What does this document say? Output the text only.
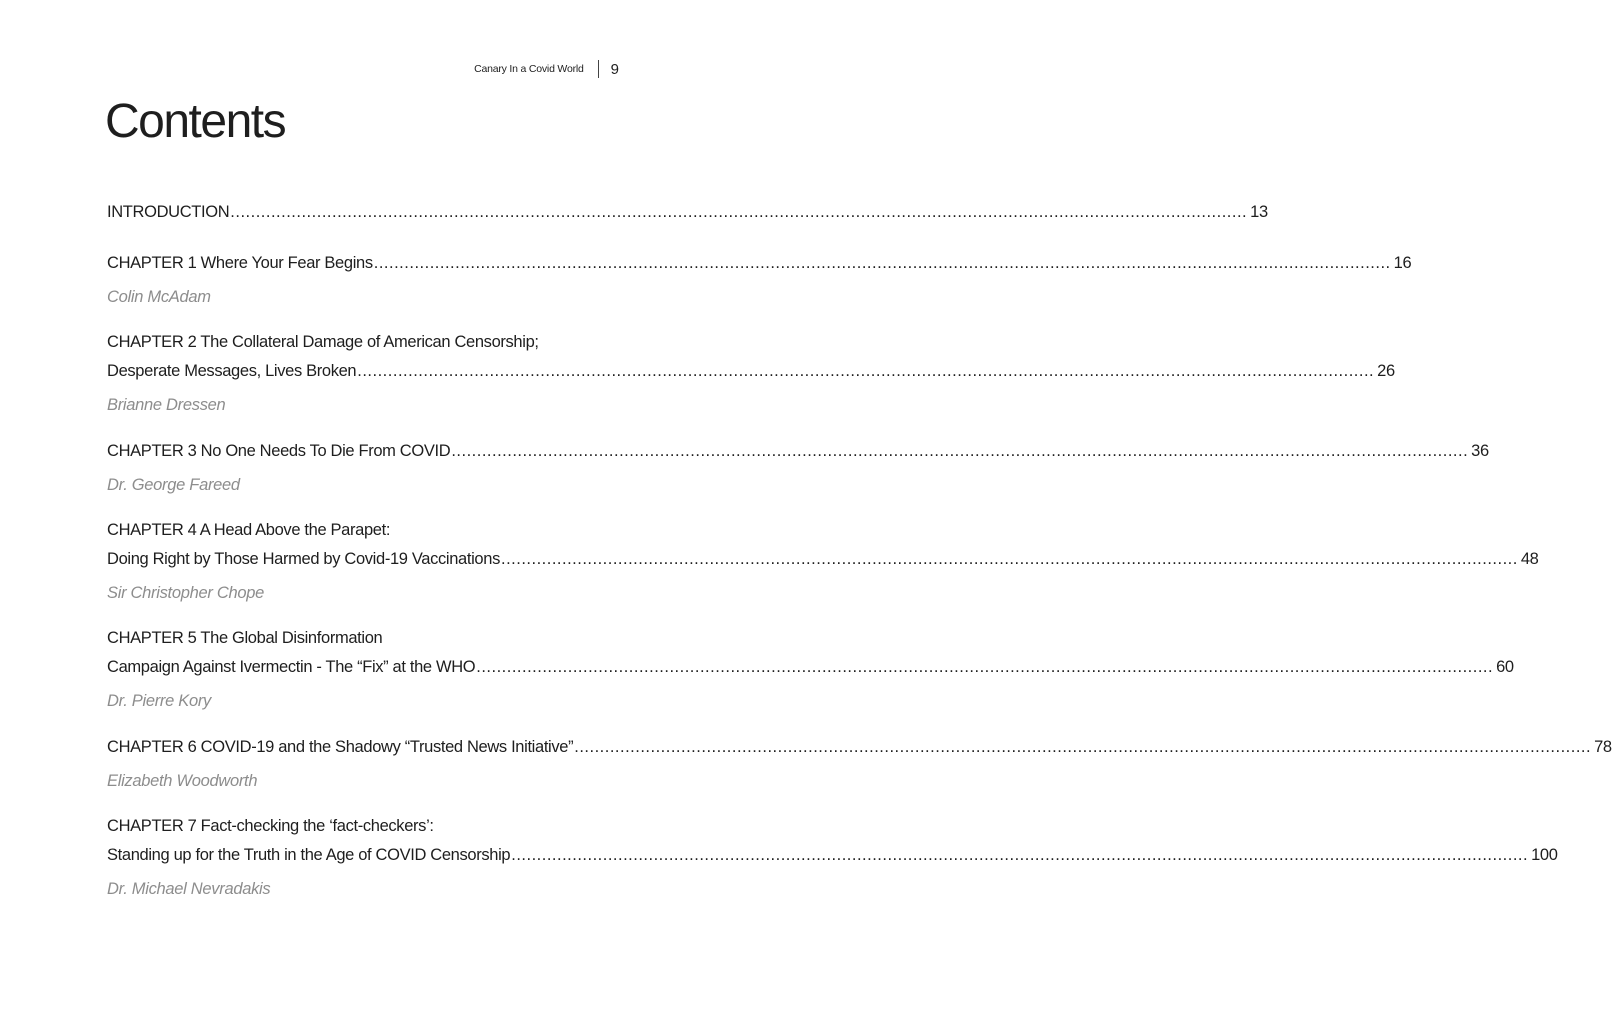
Canary In a Covid World 9
Contents
INTRODUCTION ........................................................................................................................................................................................................ 13
CHAPTER 1 Where Your Fear Begins ........................................................................................................................................................................................................ 16
Colin McAdam
CHAPTER 2 The Collateral Damage of American Censorship;
Desperate Messages, Lives Broken ........................................................................................................................................................................................................ 26
Brianne Dressen
CHAPTER 3 No One Needs To Die From COVID ........................................................................................................................................................................................................ 36
Dr. George Fareed
CHAPTER 4 A Head Above the Parapet:
Doing Right by Those Harmed by Covid-19 Vaccinations ........................................................................................................................................................................................................ 48
Sir Christopher Chope
CHAPTER 5 The Global Disinformation
Campaign Against Ivermectin - The “Fix” at the WHO ........................................................................................................................................................................................................ 60
Dr. Pierre Kory
CHAPTER 6 COVID-19 and the Shadowy “Trusted News Initiative” ........................................................................................................................................................................................................ 78
Elizabeth Woodworth
CHAPTER 7 Fact-checking the ‘fact-checkers’:
Standing up for the Truth in the Age of COVID Censorship ........................................................................................................................................................................................................ 100
Dr. Michael Nevradakis
